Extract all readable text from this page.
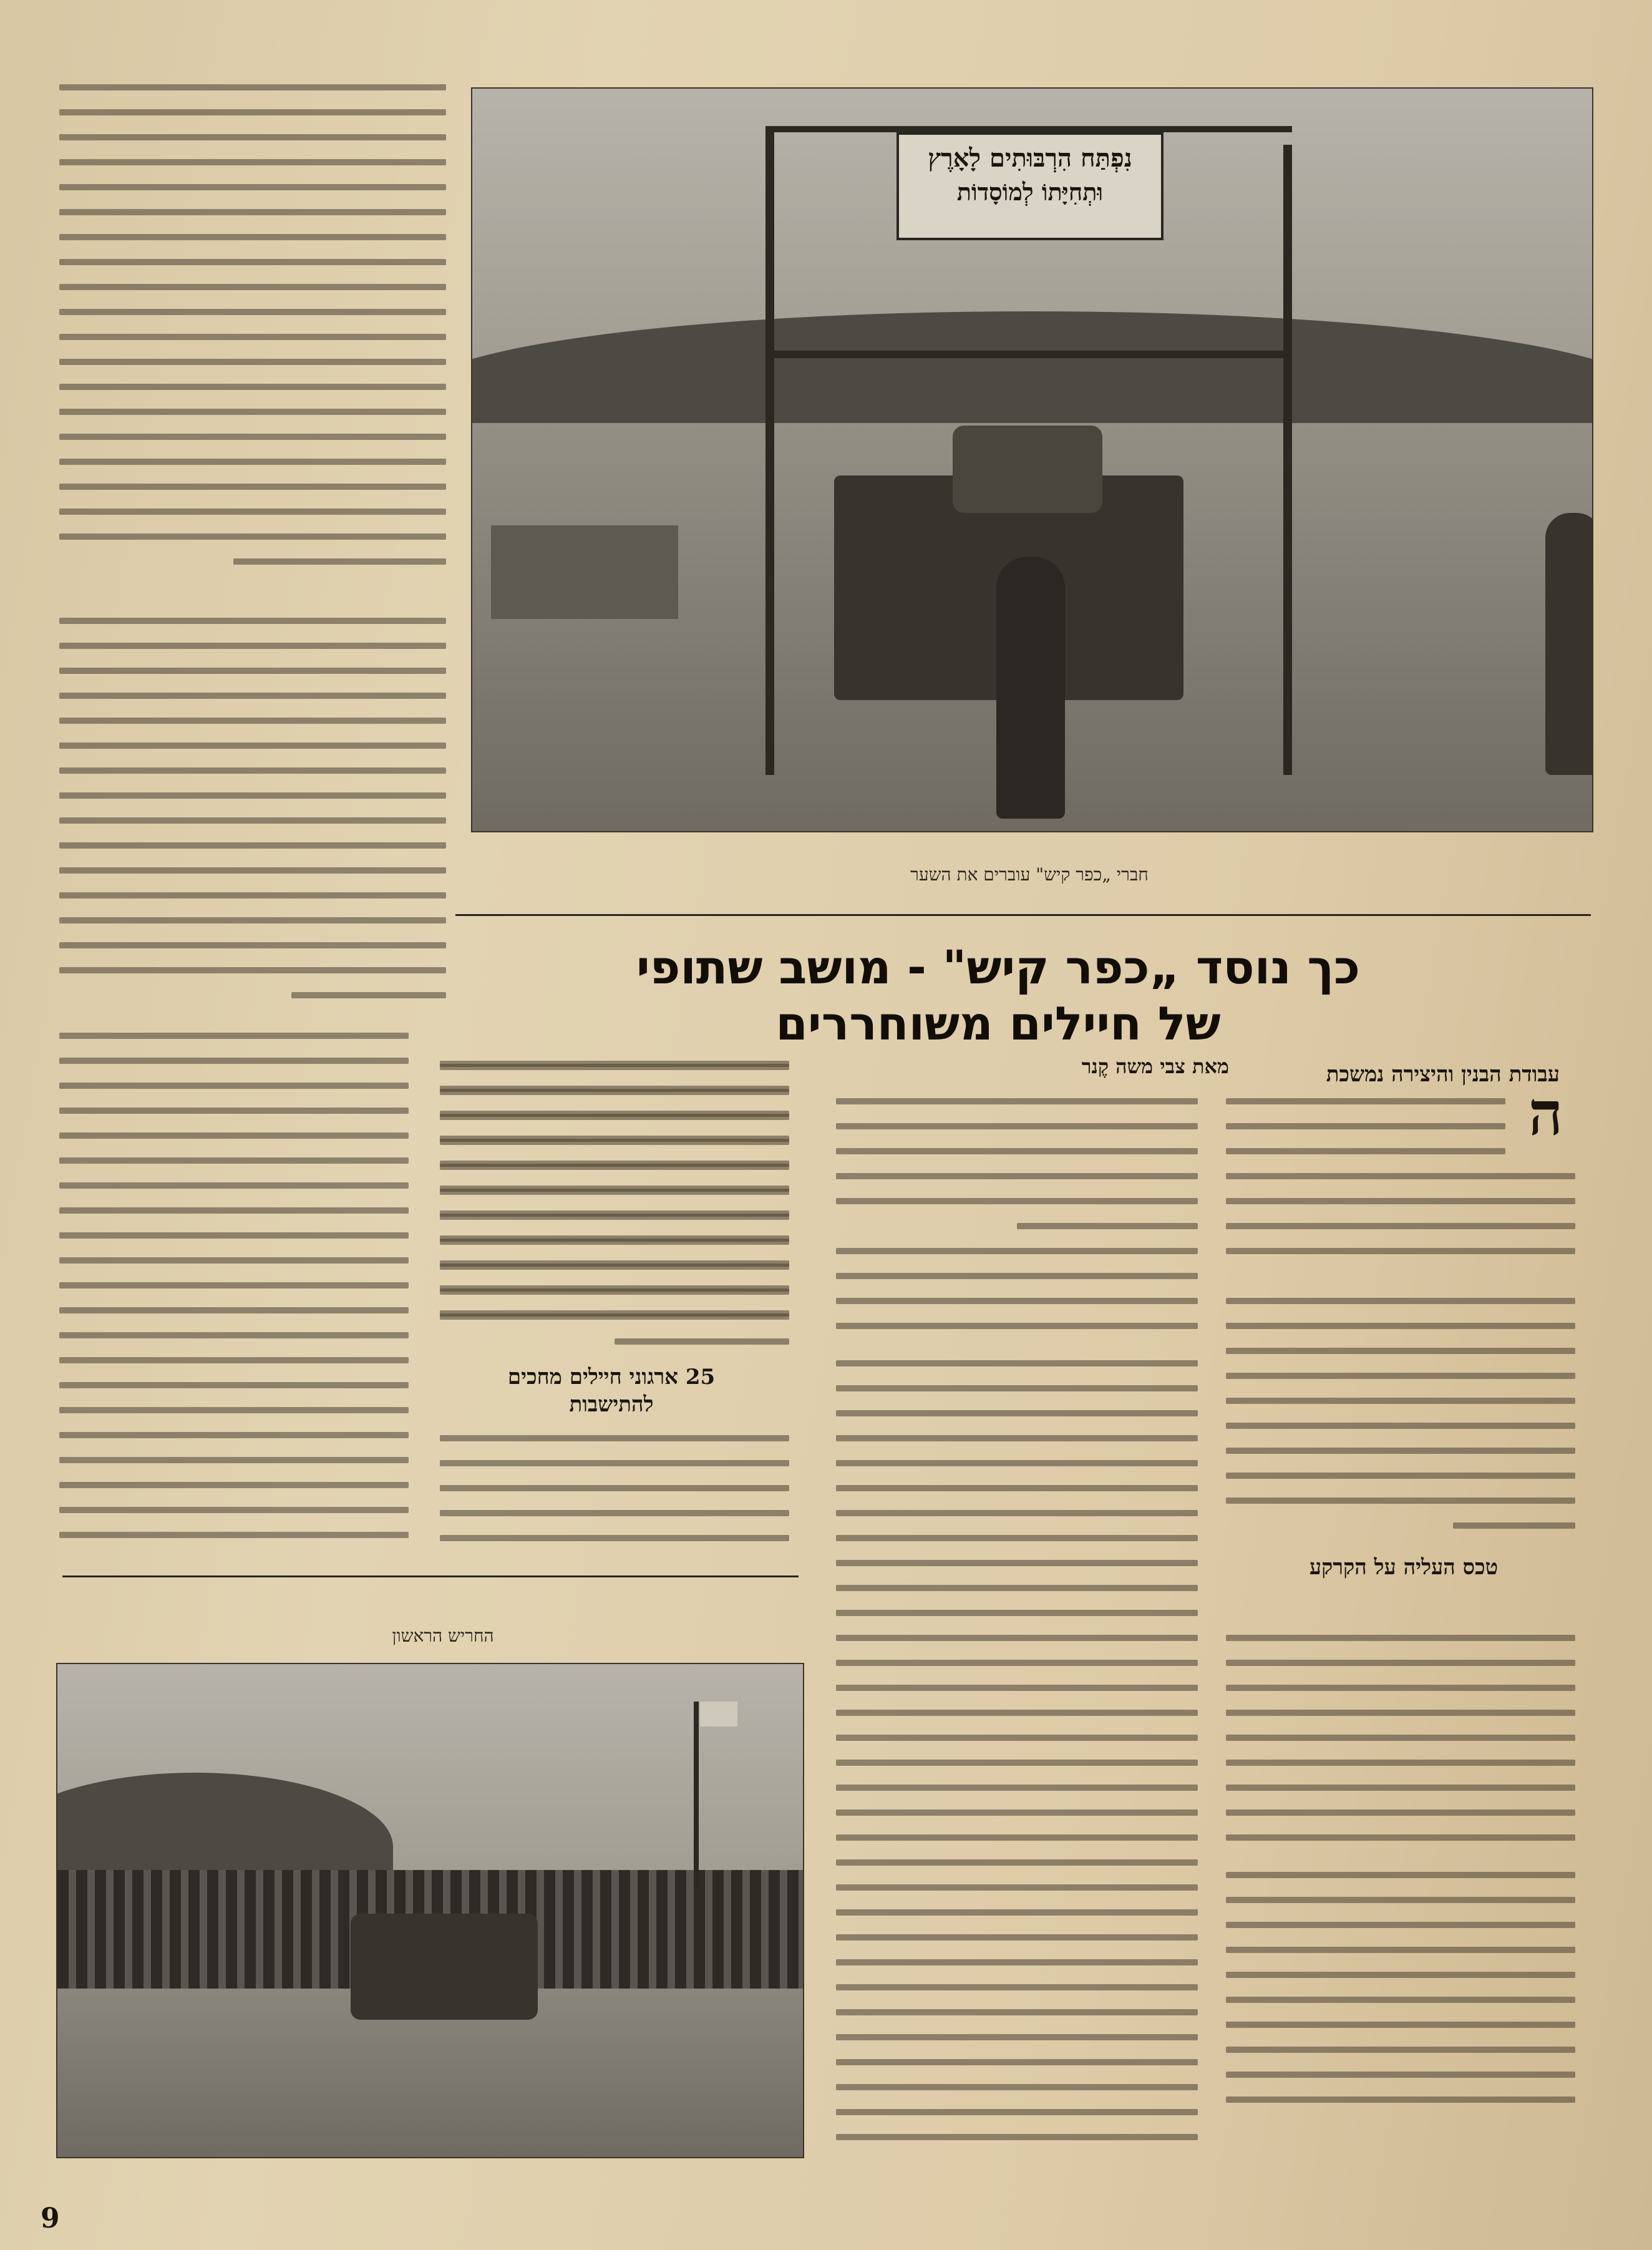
נִפְתַּח הִרְבּוּתִים לָאָרֶץ
וּתְחִיָּתוֹ לְמוֹסָדוֹת
חברי „כפר קיש" עוברים את השער
כך נוסד „כפר קיש" - מושב שתופי
של חיילים משוחררים
25 ארגוני חיילים מחכים
להתישבות
החריש הראשון
עבודת הבנין והיצירה נמשכת
מאת צבי משה קֶנר
ה
טכס העליה על הקרקע
9
